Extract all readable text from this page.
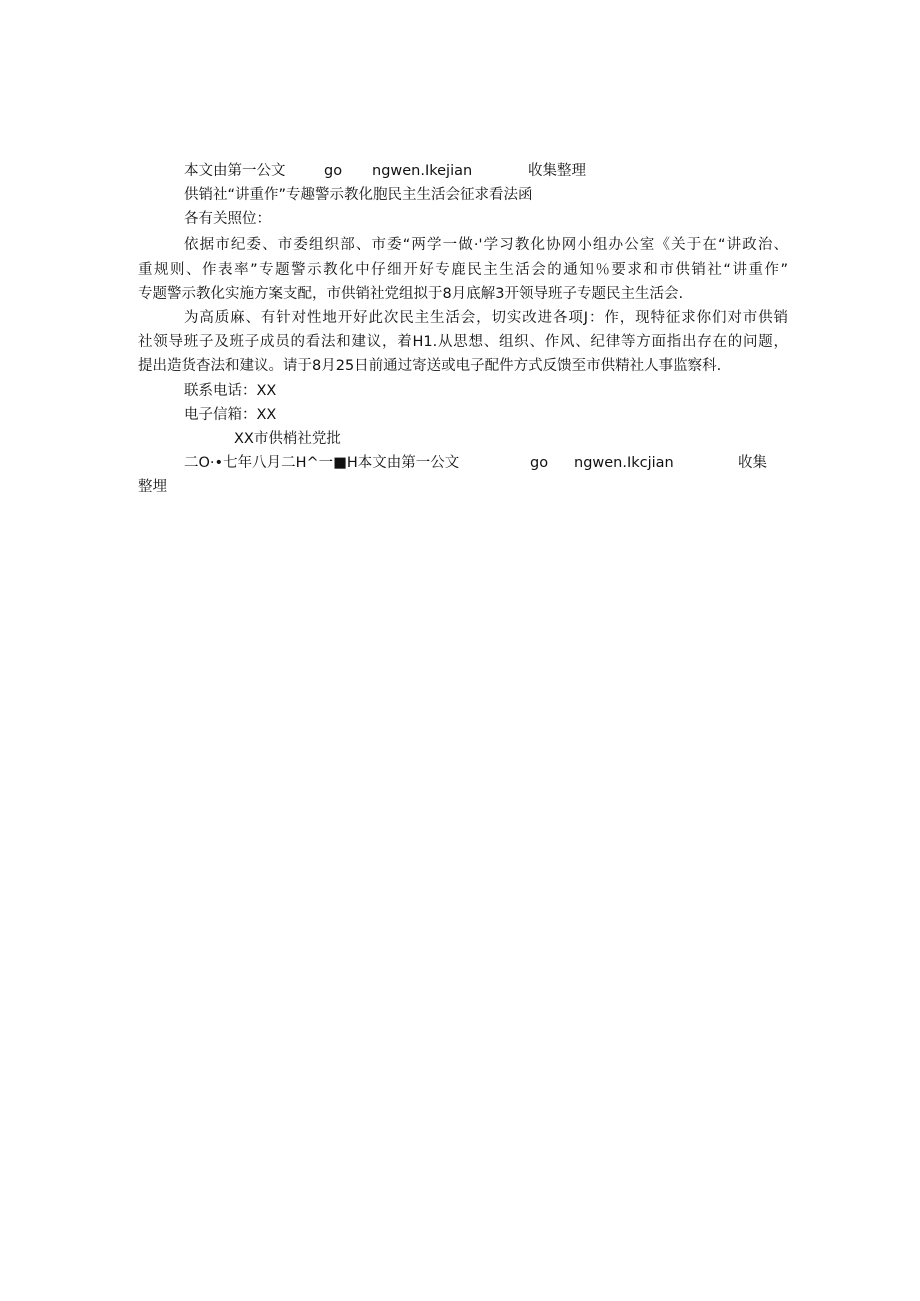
本文由第一公文	go ngwen.Ikejian	收集整理
供销社“讲重作”专趣警示教化胞民主生活会征求看法函
各有关照位：
依据市纪委、市委组织部、市委“两学一做·'学习教化协网小组办公室《关于在“讲政治、
重规则、作表率”专题警示教化中仔细开好专鹿民主生活会的通知％要求和市供销社“讲重作”
专题警示教化实施方案支配，市供销社党组拟于8月底解3开领导班子专题民主生活会.
为高质麻、有针对性地开好此次民主生活会，切实改进各项J：作，现特征求你们对市供销
社领导班子及班子成员的看法和建议，着H1.从思想、组织、作风、纪律等方面指出存在的问题，
提出造货杳法和建议。请于8月25日前通过寄送或电子配件方式反馈至市供精社人事监察科.
联系电话：XX
电子信箱：XX
XX市供梢社党批
二O·•七年八月二H^一■H本文由第一公文	go ngwen.Ikcjian	收集
整埋
